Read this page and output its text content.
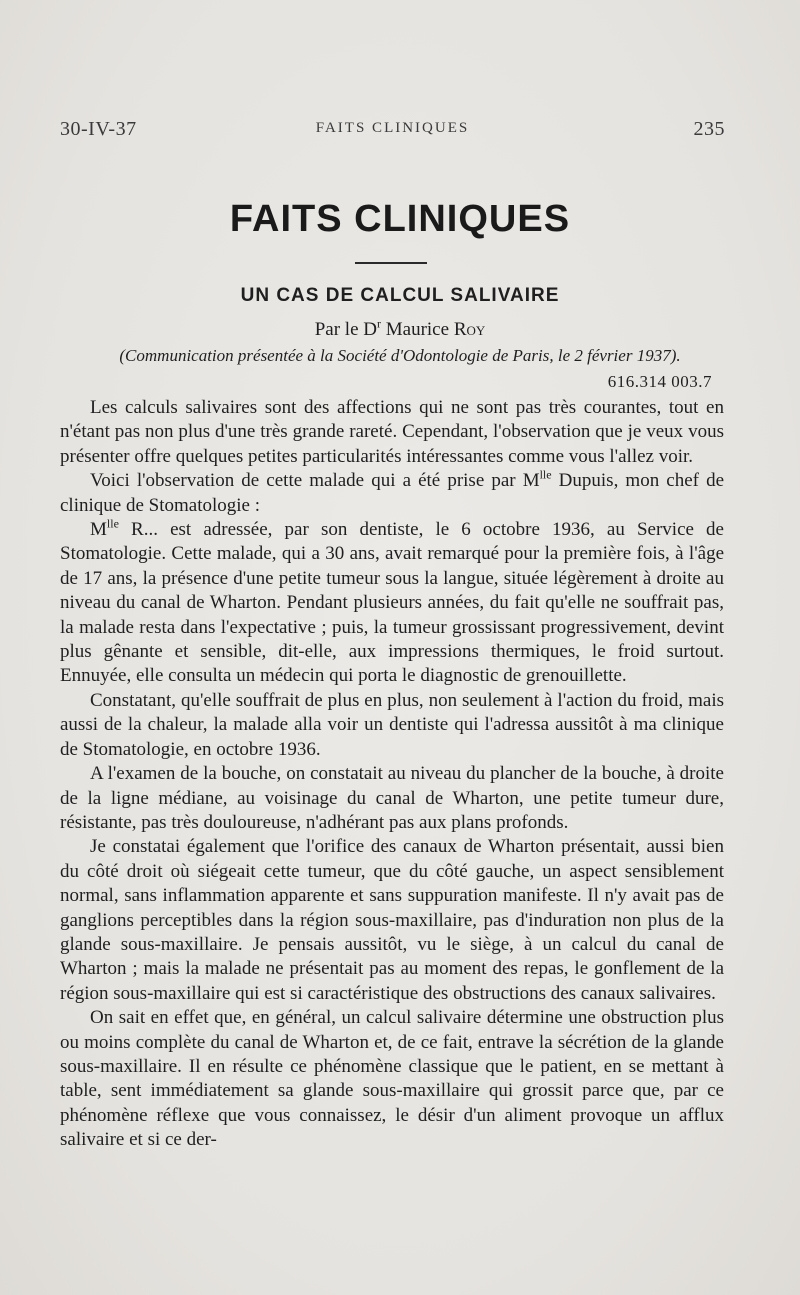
30-IV-37	FAITS CLINIQUES	235
FAITS CLINIQUES
UN CAS DE CALCUL SALIVAIRE
Par le $D^r$ Maurice Roy
(Communication présentée à la Société d'Odontologie de Paris, le 2 février 1937).
616.314 003.7

Les calculs salivaires sont des affections qui ne sont pas très courantes, tout en n'étant pas non plus d'une très grande rareté. Cependant, l'observation que je veux vous présenter offre quelques petites particularités intéressantes comme vous l'allez voir.

Voici l'observation de cette malade qui a été prise par $M^{lle}$ Dupuis, mon chef de clinique de Stomatologie :

$M^{lle}$ R... est adressée, par son dentiste, le 6 octobre 1936, au Service de Stomatologie. Cette malade, qui a 30 ans, avait remarqué pour la première fois, à l'âge de 17 ans, la présence d'une petite tumeur sous la langue, située légèrement à droite au niveau du canal de Wharton. Pendant plusieurs années, du fait qu'elle ne souffrait pas, la malade resta dans l'expectative ; puis, la tumeur grossissant progressivement, devint plus gênante et sensible, dit-elle, aux impressions thermiques, le froid surtout. Ennuyée, elle consulta un médecin qui porta le diagnostic de grenouillette.

Constatant, qu'elle souffrait de plus en plus, non seulement à l'action du froid, mais aussi de la chaleur, la malade alla voir un dentiste qui l'adressa aussitôt à ma clinique de Stomatologie, en octobre 1936.

A l'examen de la bouche, on constatait au niveau du plancher de la bouche, à droite de la ligne médiane, au voisinage du canal de Wharton, une petite tumeur dure, résistante, pas très douloureuse, n'adhérant pas aux plans profonds.

Je constatai également que l'orifice des canaux de Wharton présentait, aussi bien du côté droit où siégeait cette tumeur, que du côté gauche, un aspect sensiblement normal, sans inflammation apparente et sans suppuration manifeste. Il n'y avait pas de ganglions perceptibles dans la région sous-maxillaire, pas d'induration non plus de la glande sous-maxillaire. Je pensais aussitôt, vu le siège, à un calcul du canal de Wharton ; mais la malade ne présentait pas au moment des repas, le gonflement de la région sous-maxillaire qui est si caractéristique des obstructions des canaux salivaires.

On sait en effet que, en général, un calcul salivaire détermine une obstruction plus ou moins complète du canal de Wharton et, de ce fait, entrave la sécrétion de la glande sous-maxillaire. Il en résulte ce phénomène classique que le patient, en se mettant à table, sent immédiatement sa glande sous-maxillaire qui grossit parce que, par ce phénomène réflexe que vous connaissez, le désir d'un aliment provoque un afflux salivaire et si ce der-
